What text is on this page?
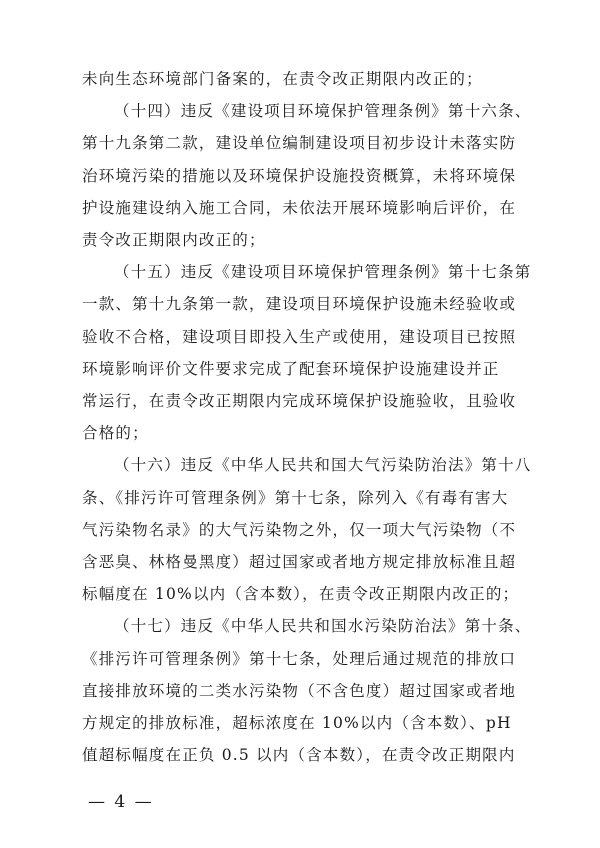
未向生态环境部门备案的，在责令改正期限内改正的；
（十四）违反《建设项目环境保护管理条例》第十六条、
第十九条第二款，建设单位编制建设项目初步设计未落实防
治环境污染的措施以及环境保护设施投资概算，未将环境保
护设施建设纳入施工合同，未依法开展环境影响后评价，在
责令改正期限内改正的；
（十五）违反《建设项目环境保护管理条例》第十七条第
一款、第十九条第一款，建设项目环境保护设施未经验收或
验收不合格，建设项目即投入生产或使用，建设项目已按照
环境影响评价文件要求完成了配套环境保护设施建设并正
常运行，在责令改正期限内完成环境保护设施验收，且验收
合格的；
（十六）违反《中华人民共和国大气污染防治法》第十八
条、《排污许可管理条例》第十七条，除列入《有毒有害大
气污染物名录》的大气污染物之外，仅一项大气污染物（不
含恶臭、林格曼黑度）超过国家或者地方规定排放标准且超
标幅度在 10%以内（含本数），在责令改正期限内改正的；
（十七）违反《中华人民共和国水污染防治法》第十条、
《排污许可管理条例》第十七条，处理后通过规范的排放口
直接排放环境的二类水污染物（不含色度）超过国家或者地
方规定的排放标准，超标浓度在 10%以内（含本数）、pH
值超标幅度在正负 0.5 以内（含本数），在责令改正期限内
— 4 —
